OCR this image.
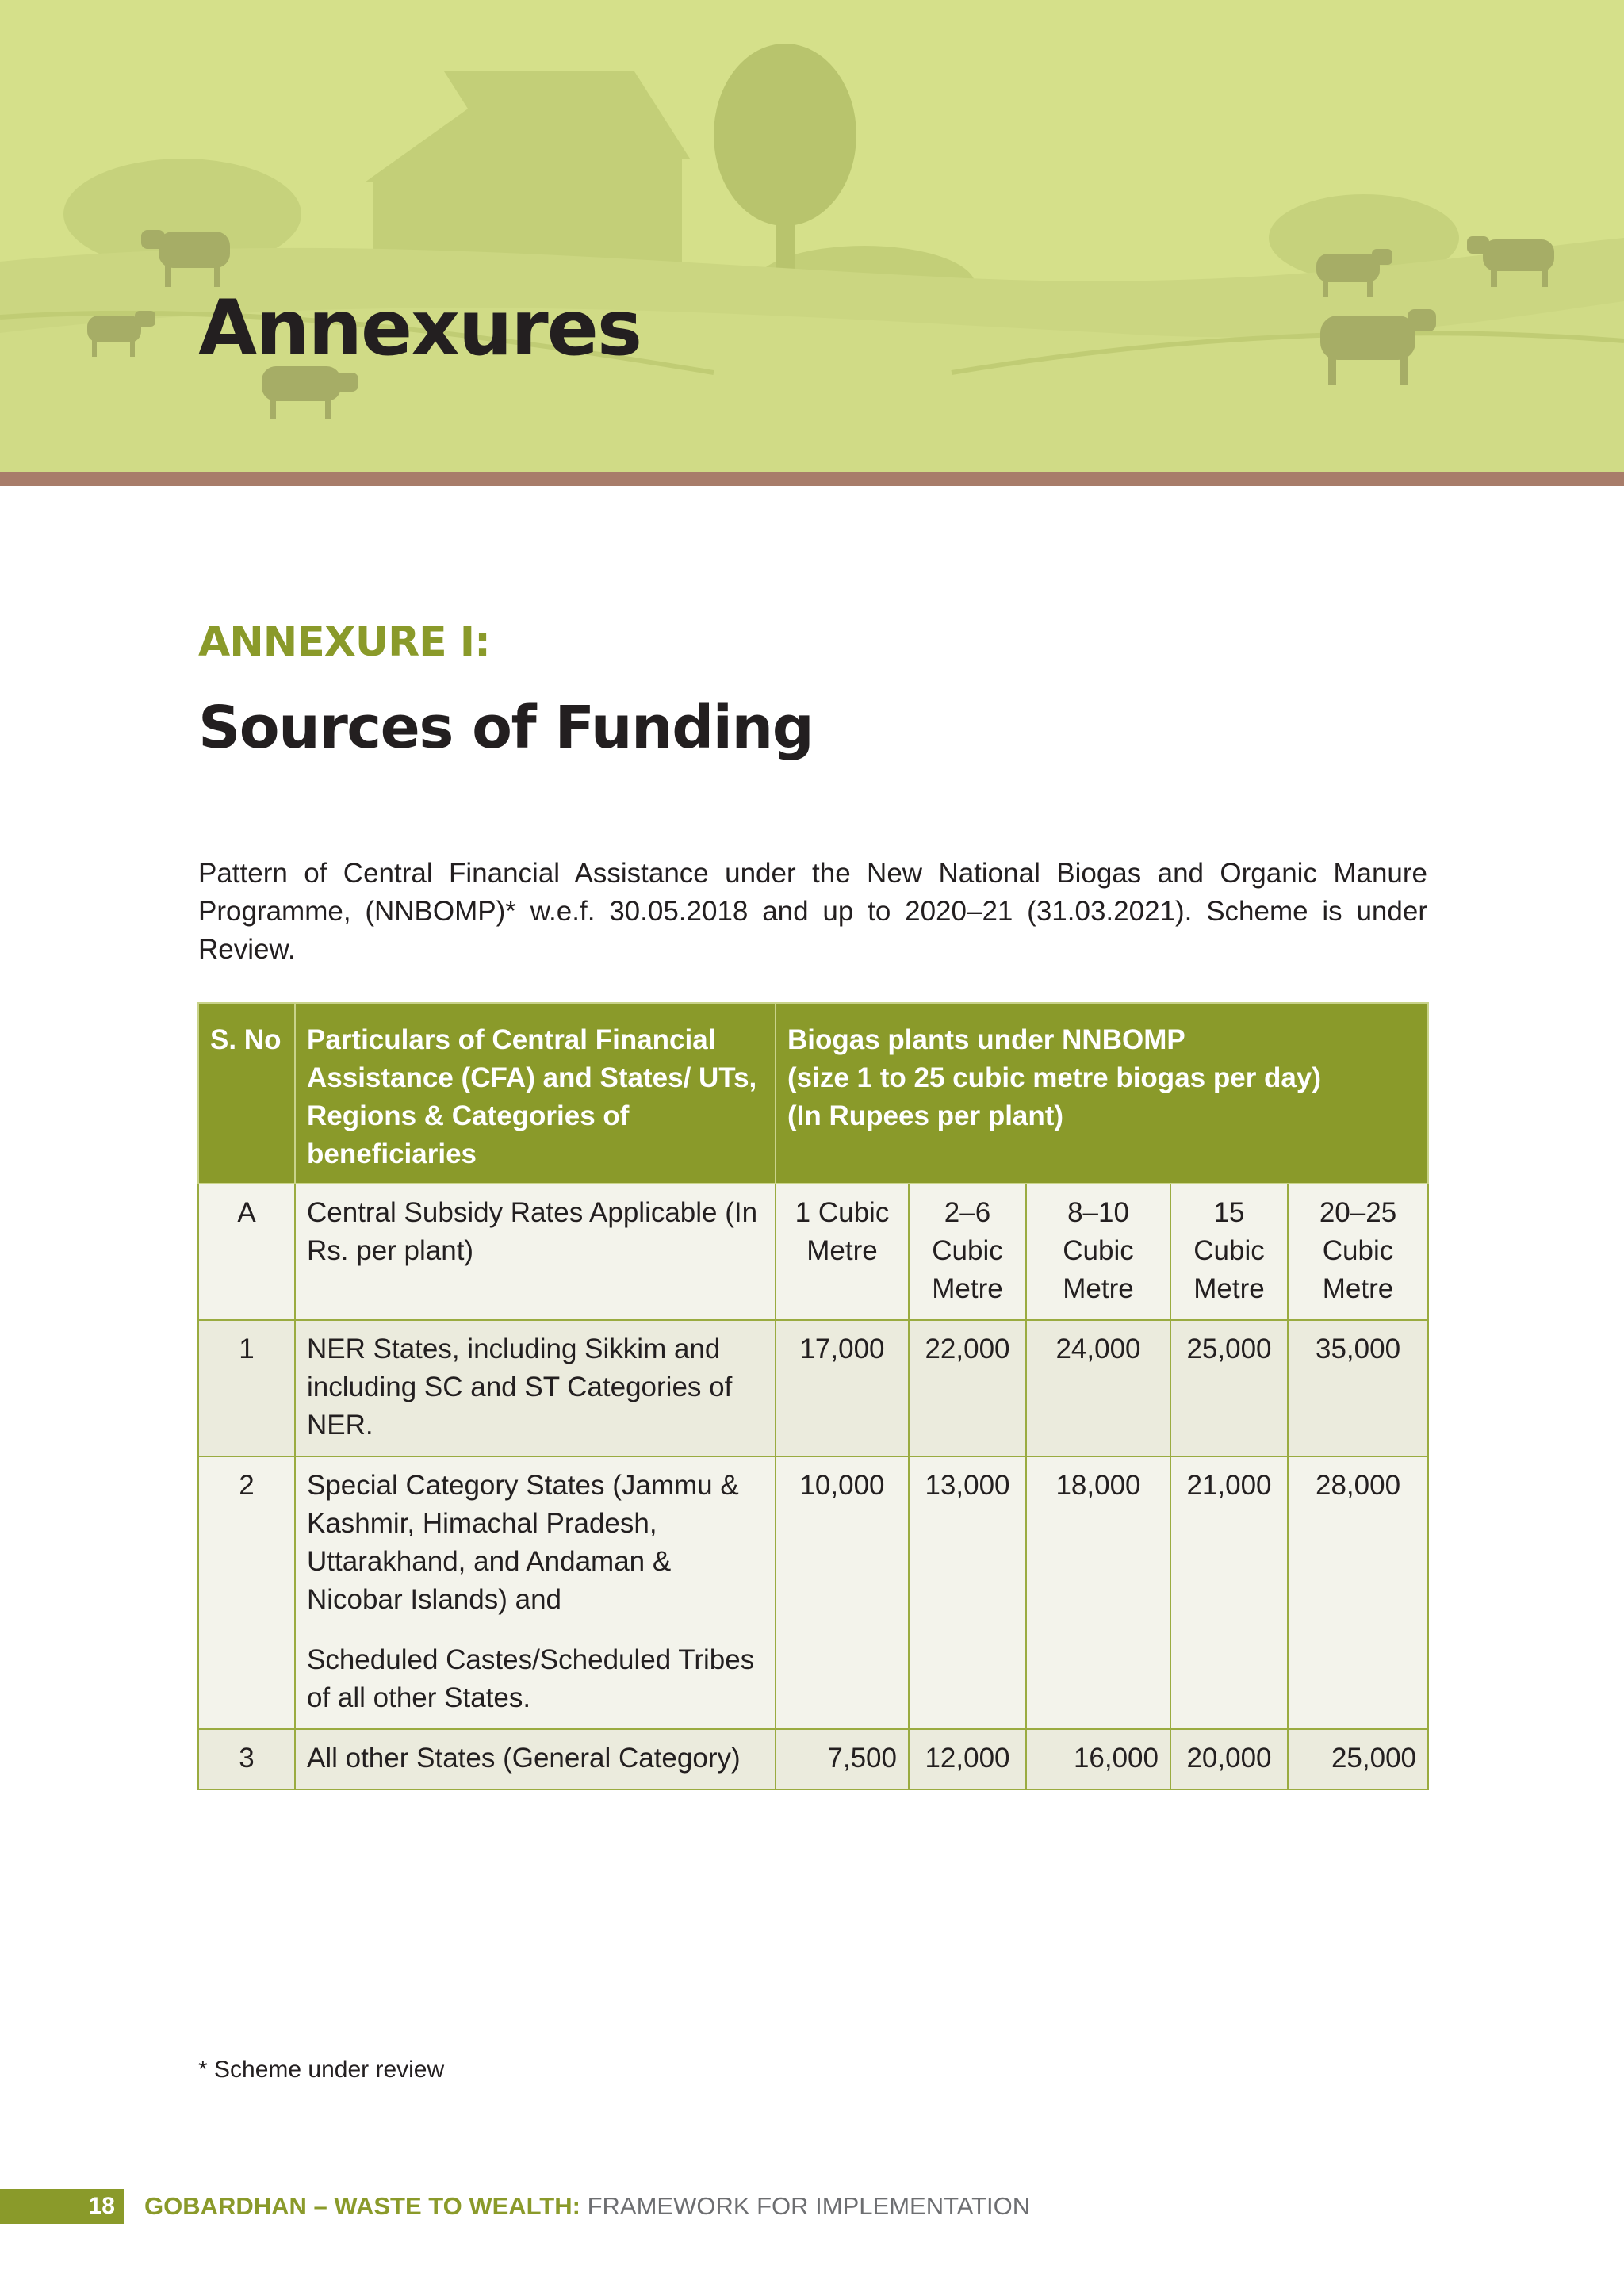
Annexures
ANNEXURE I:
Sources of Funding

Pattern of Central Financial Assistance under the New National Biogas and Organic Manure Programme, (NNBOMP)* w.e.f. 30.05.2018 and up to 2020–21 (31.03.2021). Scheme is under Review.

S. No	Particulars of Central Financial Assistance (CFA) and States/ UTs, Regions & Categories of beneficiaries	Biogas plants under NNBOMP
(size 1 to 25 cubic metre biogas per day)
(In Rupees per plant)				
A	Central Subsidy Rates Applicable (In Rs. per plant)	1 Cubic Metre	2–6 Cubic Metre	8–10 Cubic Metre	15 Cubic Metre	20–25 Cubic Metre
1	NER States, including Sikkim and including SC and ST Categories of NER.	17,000	22,000	24,000	25,000	35,000
2	Special Category States (Jammu & Kashmir, Himachal Pradesh, Uttarakhand, and Andaman & Nicobar Islands) and
Scheduled Castes/Scheduled Tribes of all other States.	10,000	13,000	18,000	21,000	28,000
3	All other States (General Category)	7,500	12,000	16,000	20,000	25,000

* Scheme under review

18 GOBARDHAN – WASTE TO WEALTH: FRAMEWORK FOR IMPLEMENTATION
